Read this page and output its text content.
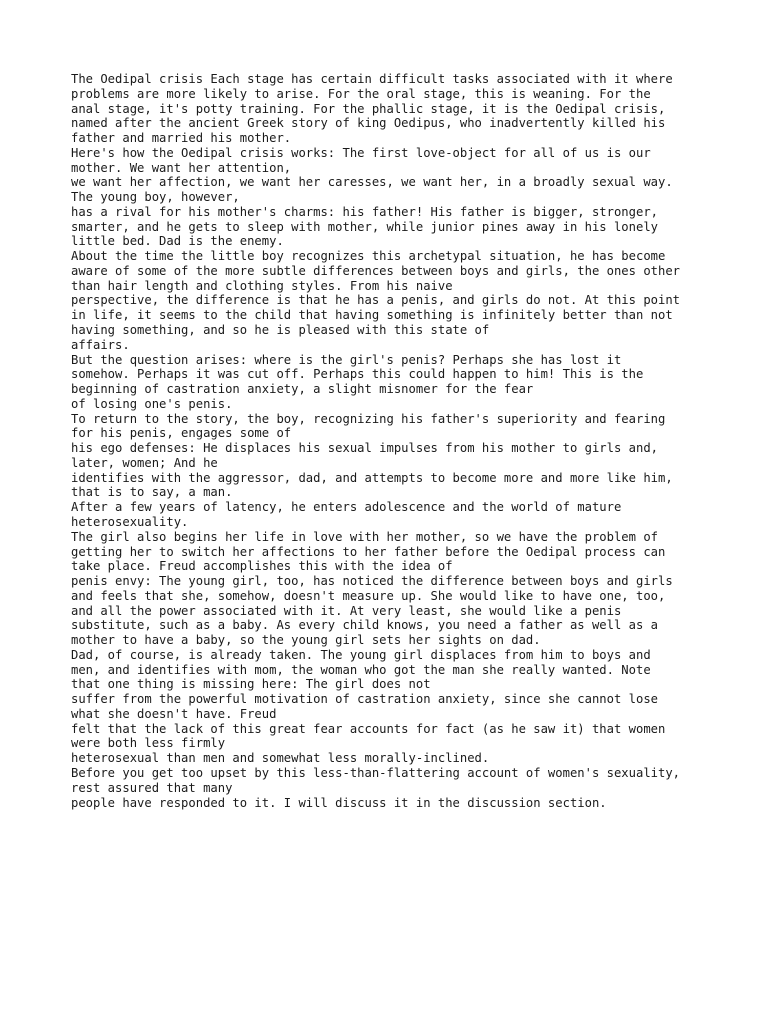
The Oedipal crisis Each stage has certain difficult tasks associated with it where
problems are more likely to arise. For the oral stage, this is weaning. For the
anal stage, it's potty training. For the phallic stage, it is the Oedipal crisis,
named after the ancient Greek story of king Oedipus, who inadvertently killed his
father and married his mother.
Here's how the Oedipal crisis works: The first love-object for all of us is our
mother. We want her attention,
we want her affection, we want her caresses, we want her, in a broadly sexual way.
The young boy, however,
has a rival for his mother's charms: his father! His father is bigger, stronger,
smarter, and he gets to sleep with mother, while junior pines away in his lonely
little bed. Dad is the enemy.
About the time the little boy recognizes this archetypal situation, he has become
aware of some of the more subtle differences between boys and girls, the ones other
than hair length and clothing styles. From his naive
perspective, the difference is that he has a penis, and girls do not. At this point
in life, it seems to the child that having something is infinitely better than not
having something, and so he is pleased with this state of
affairs.
But the question arises: where is the girl's penis? Perhaps she has lost it
somehow. Perhaps it was cut off. Perhaps this could happen to him! This is the
beginning of castration anxiety, a slight misnomer for the fear
of losing one's penis.
To return to the story, the boy, recognizing his father's superiority and fearing
for his penis, engages some of
his ego defenses: He displaces his sexual impulses from his mother to girls and,
later, women; And he
identifies with the aggressor, dad, and attempts to become more and more like him,
that is to say, a man.
After a few years of latency, he enters adolescence and the world of mature
heterosexuality.
The girl also begins her life in love with her mother, so we have the problem of
getting her to switch her affections to her father before the Oedipal process can
take place. Freud accomplishes this with the idea of
penis envy: The young girl, too, has noticed the difference between boys and girls
and feels that she, somehow, doesn't measure up. She would like to have one, too,
and all the power associated with it. At very least, she would like a penis
substitute, such as a baby. As every child knows, you need a father as well as a
mother to have a baby, so the young girl sets her sights on dad.
Dad, of course, is already taken. The young girl displaces from him to boys and
men, and identifies with mom, the woman who got the man she really wanted. Note
that one thing is missing here: The girl does not
suffer from the powerful motivation of castration anxiety, since she cannot lose
what she doesn't have. Freud
felt that the lack of this great fear accounts for fact (as he saw it) that women
were both less firmly
heterosexual than men and somewhat less morally-inclined.
Before you get too upset by this less-than-flattering account of women's sexuality,
rest assured that many
people have responded to it. I will discuss it in the discussion section.
